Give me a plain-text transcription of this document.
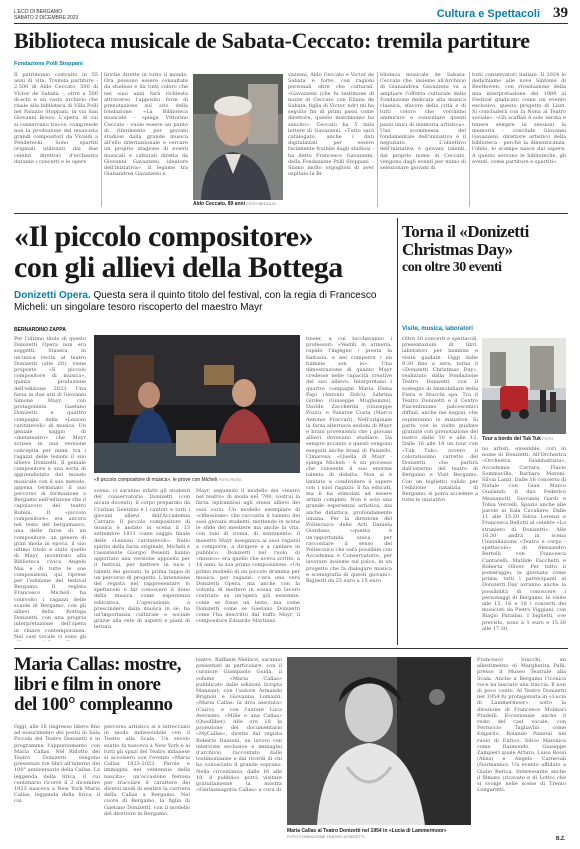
L'ECO DI BERGAMO
SABATO 2 DICEMBRE 2023	Cultura e Spettacoli 39
Biblioteca musicale de Sabata-Ceccato: tremila partiture
Fondazione Polli Stoppani
Il patrimonio costruito in 55 anni di vita. Tremila partiture - 2.500 di Aldo Ceccato, 500 di Victor de Sabata -, oltre a 500 di-schi e un vasto archivio che risale alla biblioteca di Villa Polli nel Palazzo Stoppani, in via San Giovanni Bosco. L'opera, di cui si conservano tracce, comprende non la produzione del musicista grandi compositori da Vivaldi a Penderecki. Sono spartiti originali utilizzati dai due celebri direttori d'orchestra durante i concerti e le opere
liriche dirette in tutto il mondo. Ora possono essere consultate da studiosi e da tutti coloro che nei suoi anni farà richiesta attraverso l'apposito form di prenotazione sul sito della fondazione. «La Biblioteca musicale - spiega Vittorino Ceccato - vuole essere un punto di riferimento per giovani studiosi dalla grande musica all'ello internazionale e cercare un proprio stagione di eventi musicali e culturali diretta da Giovanni Gavazzeni, ideatore dell'iniziativa». Il legame tra Gianandrea Gavazzeni e
Aldo Ceccato, 89 anni FOTO BEDOLIS
vazzeni, Aldo Ceccato e Victor de Sabata è forte, con ragioni personali oltre che culturali. «Gavazzeni (che fu testimone di nozze di Ceccato con Eliana de Sabata, figlia di Victor, ndr) mi ha seguito fin di primi passi come direttore, questo matrimonio ha sancito». Ceccato ha 5 mila lettere di Gavazzeni. «Tutto sarà catalogato, anche i dati digitalizzati per essere facilmente fruibile dagli studiosi - ha detto Francesco Gavazzeni, della Fondazione Polli Stoppani -. Siamo molto orgogliosi di aver ospitato la Bi-
blioteca musicale de Sabata-Ceccato che, insieme all'Archivio di Gianandrea Gavazzeni va a ampliare l'offerta culturale della Fondazione dedicata alla musica classica, sfavore della città e di tutti coloro che vorranno ammirare e consultare questi pezzi unici di memoria artistica». Una scommessa del fondamentale dell'iniziativa è il negoziato. L'obiettivo dell'iniziativa è giovani talenti, dal proprio nome di Ceccato, vengono dagli eventi per mimo di selezionare giovani di
tutti conservatori italiani. Il 2024 lo dedichiamo alle nove Sinfonie di Beethoven, con rivisitazione della mia interpretazione del 1989 al Festival giudicato come un evento esclusivo, questo progetto di Liszt. Si concluderà con la Nona al Teatro sociale». «Gli scaffali è solo serata e tenere sempre in sessioni la memoria - conclude Giovanni Gavazzeni, direttore artistico della biblioteca - perché la dimenticanza, l'oblio, lo scampo nasce dal sapere. A questo servono le biblioteche, gli eventi, come partiture e spartiti».
«Il piccolo compositore»
con gli allievi della Bottega
Donizetti Opera. Questa sera il quinto titolo del festival, con la regia di Francesco Micheli: un singolare tesoro riscoperto del maestro Mayr
BERNARDINO ZAPPA
Per l'ultimo titolo di questo Donizetti Opera non era soggetti. Stasera, in un'unica recita al teatro Donizetti (alle 20), viene proposto «Il piccolo compositore di musica», quinta produzione dell'edizione 2023. Una farsa in due atti di Giovanni Simone Mayr, con protagonista Gaetano Donizetti e quattro compagni della «Lezioni caritatevoli» di musica. Un geniale saggio di «metateatro» che Mayr scrisse in una versione concepita per mimi, tra i ragazzi delle lezioni il suo allievo Donizetti. Il geniale compositore è una sorta di apprendistato del mondo musicale con il suo metodo, appena terminato il suo percorso di formazione a Bergamo nell'edizione che il capolavoro del teatro Rubini. Il «piccolo compositore» era ancora nel testo del bergamasco, una delle farse di un compositore, un genere di gran moda in epoca, il suo ultimo titolo è stato quello di Mayr, incontrato alla Biblioteca civica Angelo Mai e di tutte le sue composizioni, qui riprese per l'edizione del festival Bergamo. Il regista Francesco Micheli ha coinvolto i ragazzi delle scuole di Bergamo, con gli allievi della Bottega Donizetti, con una propria interpretazione dell'opera in chiave contemporanea. Nel cast vocale ci sono gli
«Il piccolo compositore di musica», le prove con Micheli FOTO ROTA
scena: ci saranno infatti gli studenti del conservatorio Donizetti (con alcuni docenti), il corpo preparato da Cristian Gentilini e i cantori e tutti i giovani allievi dell'Accademia Carrara. Il piccolo compositore di musica è andato in scena il 13 settembre 1811 come saggio finale delle «Lezioni caritatevoli». Nello spirito della farsa originale, Micheli e l'assistente Giorgio Pesenti hanno apportato una versione apposita per il festival, per mettere in luce i talenti dei giovani, la prima tappa di un percorso di progetto. L'intenzione del regista nel rappresentare lo spettacolo è far conoscere il dono della musica come esperienza educativa. L'operazione, a prescindere dalla musica in sé, ha un'importanza culturale e sociale grazie alla rete di aspetti e piani di lettura.
Mayr, seguendo il modello dei «teatro nel teatro» di moda nel '700, costruì la farsa ispirandosi agli stessi allievi dei suoi corsi. Un modello esemplare di «riflessione» che racconta il talento dei suoi giovani studenti, mettendo in scena le sfide del mestiere ma anche la vita, con toni di ironia, di sentimento: il maestro Mayr insegnava ai suoi ragazzi a comporre, a dirigere e a cantare in pubblico. Donizetti nel ruolo di «musico» era quello che aveva scritto, a 14 anni, la sua prima composizione. «Un primo modello di un piccolo dramma per musica, per ragazzi: c'era una vera Donizetti Opera, ma anche con la volontà di mettere in scena un lavoro costruito su un'opera già esistente, come se fosse un testo, ma come Donizetti come se Gaetano Donizetti come l'ha descritto dal buffo Mayr, il compositore Eduardo Martinez.
tineer, a cui toccheranno i professori: «Vestiti in armeria, rapido l'ingegno / presta la fantasia, e nel comporre / un fulmine son io». Una dimostrazione di quanto Mayr credesse nelle capacità creative del suo allievo. Interpretano i quattro compagni Maria Elena Papi (Antonio Dolci), Sabrina Girdeo (Giuseppe Mughemmi), Davide Zaccherini (Giuseppe Pozzi), e Yunarse Costa (Marco Antonio Fraccari). Nell'originale la farsa alternava sezioni di Mayr e brani provenienti che i giovani allievi dovevano studiare. Da sempre accanto a questi vengono eseguiti anche brani di Paisiello, Cimarosa. «Quella di Mayr - spiega Micheli - è un processo che consente il suo enorme talento di didatta. Non si è limitato a condividere il sapere con i suoi ragazzi: li ha educati, ma li ha stimolati ad essere artisti completi. Non è solo una grande esperienza artistica, ma anche didattica, profondamente umana. Per la direzione del Politecnico delle Arti Daniela Giordano, «questa è un'opportunità unica per raccontare il senso del Politecnico che sarà possibile con Accademia e Conservatorio, per lavorare insieme sul palco, in un progetto che fa dialogare musica e scenografia di questi giovani». Biglietti da 25 euro a 15 euro.
Torna il «Donizetti
Christmas Day»
con oltre 30 eventi
Visite, musica, laboratori
Oltre 30 concerti e spettacoli, presentazioni di libri, laboratori per bambini e visite guidate. Oggi dalle 9.30 fino a sera, torna il «Donizetti Christmas Day», realizzato dalla Fondazione Teatro Donizetti con il sostegno di Immobiliare della Fiera e Stucchi spa. Tra il Teatro Donizetti e il Centro Piacentiniano palcoscenici diffusi, anche nei negozi, che ospiteranno le iniziative. Si parte con le visite guidate gratuite con prenotazione del teatro dalle 10 e alle 12. Dalle 16 alle 18 un tour con «Tuk Tuk», ovvero il coloratissimo carretto del Donizetti, che partirà dall'esterno del teatro di Bergamo e Visit Bergamo. Con un biglietto valido per l'edizione natalizia di Bergamo, si potrà accedere a tutte le iniziative.
Tour a bordo del Tuk Tuk FOTO
no artisti, ensemble, cori in nome di Donizetti. All'Orchestra «Orchestra Giambattista», Accademia Carrara, Flavio Sommavilla, Barbara Maroni, Silvia Lanzi. Dalle 16 concerto di Natale con Gian Marco Gualandi, il duo Federico Mezzanotti, Giovanni Gardi e Tobia Vercelli. Spazio anche alle parole in Sala Cavaliere. Dalle 11 alle 15.30 Silvia Lorenzi e Francesca Bellotti al celebre «Lo straniero di Donizetti». Alle 16.30 andrà in scena l'installazione «Teatro e corpo - spettacolo» di Alessandro Bertelli con Francesca Cantarelli, Matilde Facchetti e Roberta Oliver. Per tutto il pomeriggio, la giornata come prima, tutti i partecipanti al Donizetti Day avranno anche la possibilità di conoscere i personaggi di Bergamo, le visite alle 15, 16 e 18 i concerti dei musicisti da Pietro Viggiani, con Biagio Paradisi. I biglietti, ove previsto, sono a 1 euro e 15,30 alle 17.30.
Maria Callas: mostre,
libri e film in onore
del 100° compleanno
Oggi, alle 16 (ingresso libero fino ad esaurimento dei posti) in Sala Piccola del Teatro Donizetti è in programma l'appuntamento con Maria Callas. Nel Ridotto del Teatro Donizetti vengono presentati tre libri all'interno del 100° anniversario della Callas. La leggenda della lirica, il cui centenario ricorre il 2 dicembre 1923 nasceva a New York Maria Callas, leggenda della lirica, il cui
percorso artistico si è intrecciato in modo indissolubile con il Teatro alla Scala. Un secolo esatto fa nasceva a New York e ai tutti gli spazi del Teatro milanese si accolsero con l'evento «Maria Callas 1923-2023. Parole e immagini nel ventennio della nascita», un'occasione festosa per tracciare il carattere dei diversi modi di sentire la carriera della Callas a Bergamo. Nel cuore di Bergamo, la figlia di Gaetano Donizetti, con il modello del direttore in Bergamo.
teatro, Raffaele Mellace, saranno presentati in particolare, con il curatore Giampaolo Guida, il volume «Maria Callas» pubblicato dalle edizioni Scripta Maneant; con l'autore Armando Brignoli e Giovanna Lomazzi, «Maria Callas: la diva assoluta» (Cairo), e con l'autore Luca Aversano, «Mille e una Callas» (Quodlibet). Alle ore 18 la proiezione del documentario «MyCallas», diretto dal regista Roberto Dassoni, un lavoro con interviste esclusive e immagini d'archivio, raccontato dalle testimonianze e dai ricordi di chi ha conosciuto il grande soprano. Nella circostanza, dalle 16 alle 18, il pubblico potrà visitare gratuitamente la mostra «Fantasmagoria Callas» a cura di
Maria Callas al Teatro Donizetti nel 1954 in «Lucia di Lammermoor»
FOTO FONDAZIONE TEATRO DONIZETTI
Francesco Stucchi, un allestimento di Margherita Palli, presso il Museo Teatrale alla Scala. Anche a Bergamo l'iconica voce ha lasciato una traccia. E non di poco conto. Al Teatro Donizetti nel 1954 fu protagonista in «Lucia di Lammermoor», sotto la direzione di Francesco Molinari Pradelli. Eccezionale anche il resto del cast vocale, con Ferruccio Tagliavini come Edgardo, Rolando Panerai nel ruolo di Enrico, Silvio Maionica come Raimondo, Giuseppe Zampieri quale Arturo, Luisa Rossi (Alisa) e Angelo Carnevali (Normanno). Un evento affidato a Giulio Berica. Interessante anche il filmato (ricavato e di Lotto) che si svolge nelle scene di Trento Longaretti.
B.Z.
